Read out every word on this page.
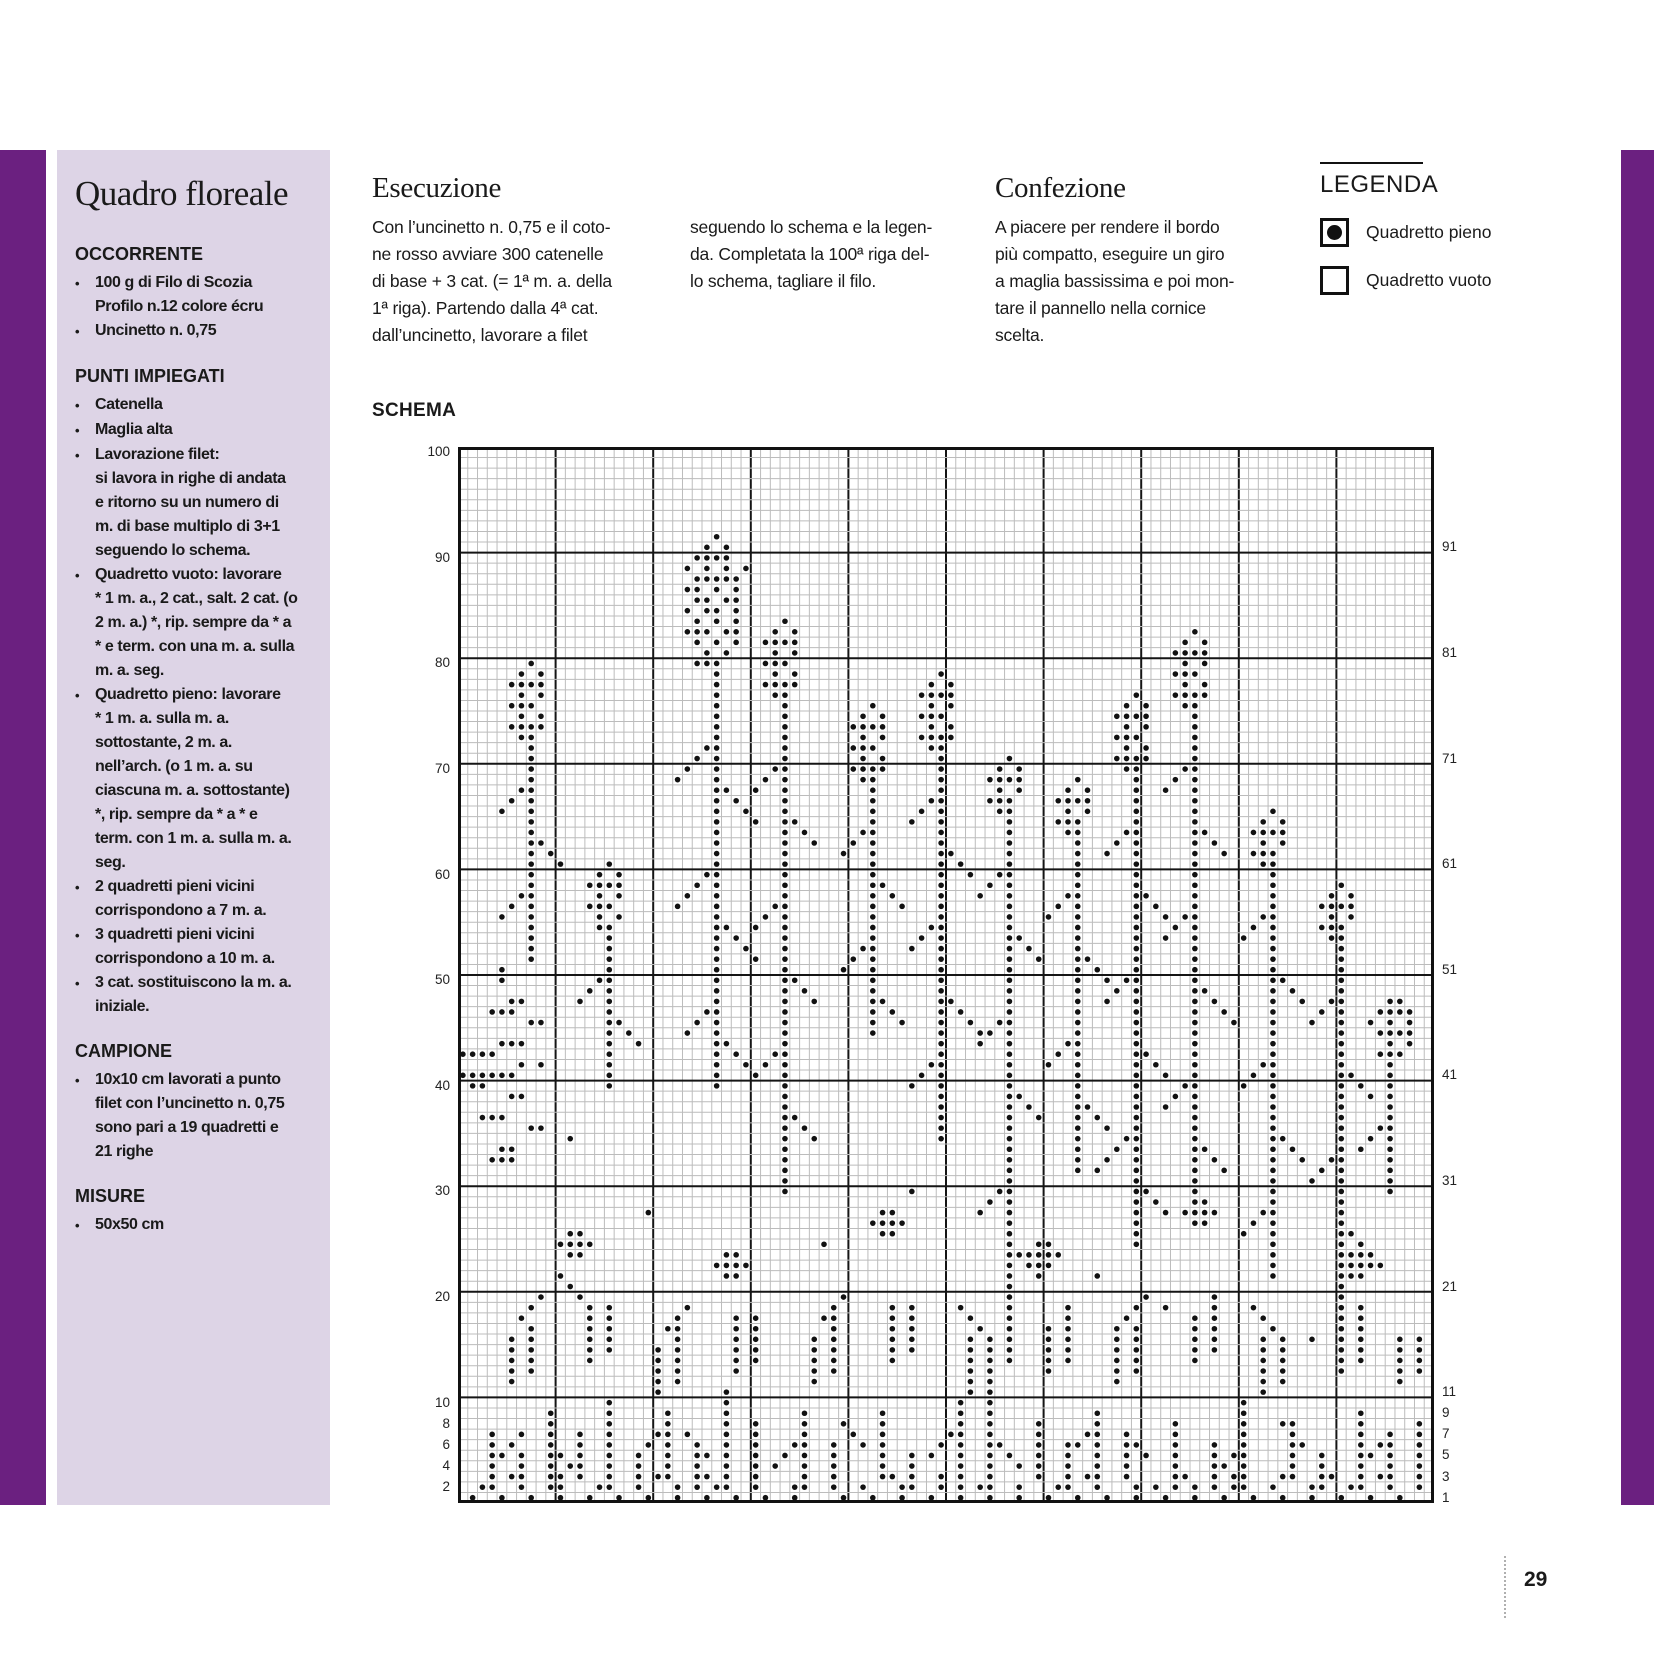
Quadro floreale
OCCORRENTE
• 100 g di Filo di Scozia
Profilo n.12 colore écru
• Uncinetto n. 0,75
PUNTI IMPIEGATI
• Catenella
• Maglia alta
• Lavorazione filet:
si lavora in righe di andata
e ritorno su un numero di
m. di base multiplo di 3+1
seguendo lo schema.
• Quadretto vuoto: lavorare
* 1 m. a., 2 cat., salt. 2 cat. (o
2 m. a.) *, rip. sempre da * a
* e term. con una m. a. sulla
m. a. seg.
• Quadretto pieno: lavorare
* 1 m. a. sulla m. a.
sottostante, 2 m. a.
nell’arch. (o 1 m. a. su
ciascuna m. a. sottostante)
*, rip. sempre da * a * e
term. con 1 m. a. sulla m. a.
seg.
• 2 quadretti pieni vicini
corrispondono a 7 m. a.
• 3 quadretti pieni vicini
corrispondono a 10 m. a.
• 3 cat. sostituiscono la m. a.
iniziale.
CAMPIONE
• 10x10 cm lavorati a punto
filet con l’uncinetto n. 0,75
sono pari a 19 quadretti e
21 righe
MISURE
• 50x50 cm
Esecuzione
Con l’uncinetto n. 0,75 e il coto-
ne rosso avviare 300 catenelle
di base + 3 cat. (= 1ª m. a. della
1ª riga). Partendo dalla 4ª cat.
dall’uncinetto, lavorare a filet
seguendo lo schema e la legen-
da. Completata la 100ª riga del-
lo schema, tagliare il filo.
Confezione
A piacere per rendere il bordo
più compatto, eseguire un giro
a maglia bassissima e poi mon-
tare il pannello nella cornice
scelta.
LEGENDA
Quadretto pieno
Quadretto vuoto
SCHEMA
100
90
80
70
60
50
40
30
20
10
8
6
4
2
91
81
71
61
51
41
31
21
11
9
7
5
3
1
29
